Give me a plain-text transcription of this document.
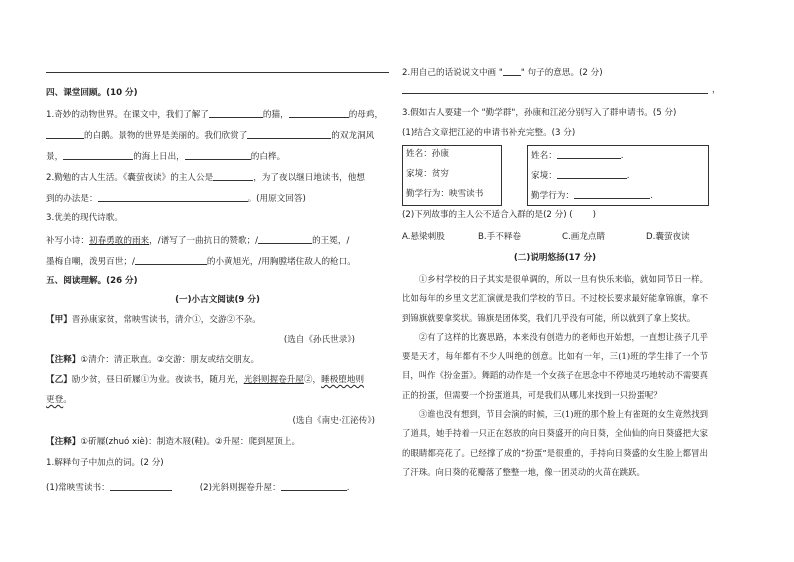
四、课堂回顾。(10 分)
1.奇妙的动物世界。在课文中，我们了解了	的猫，	的母鸡，
的白鹅。景物的世界是美丽的。我们欣赏了	的双龙洞风
景，	的海上日出，	的白桦。
2.勤勉的古人生活。《囊萤夜读》的主人公是	，为了夜以继日地读书，他想
到的办法是：	。(用原文回答)
3.优美的现代诗歌。
补写小诗：初春勇敢的雨来，/谱写了一曲抗日的赞歌；/	的王冕，/
墨梅自嘲，泼男百世；/	的小黄旭光，/用胸膛堵住敌人的枪口。
五、阅读理解。(26 分)
(一)小古文阅读(9 分)
【甲】晋孙康家贫，常映雪读书，清介①，交游②不杂。
(选自《孙氏世录》)
【注释】①清介：清正耿直。②交游：朋友或结交朋友。
【乙】励少贫，昼日斫屧①为业。夜读书，随月光，光斜则握卷升屋②，睡极堕地则
更登。
(选自《南史·江泌传》)
【注释】①斫屧(zhuó xiè)：制造木屐(鞋)。②升屋：爬到屋顶上。
1.解释句子中加点的词。(2 分)
(1)常映雪读书：	(2)光斜则握卷升屋：	.
2.用自己的话说说文中画 " " 句子的意思。(2 分)
，
3.假如古人要建一个 "勤学群"，孙康和江泌分别写入了群申请书。(5 分)
(1)结合文章把江泌的申请书补充完整。(3 分)
姓名：孙康
家境：贫穷
勤学行为：映雪读书
姓名：	.
家境：	.
勤学行为：	.
(2)下列故事的主人公不适合入群的是(2 分) ( )
A.悬梁刺股	B.手不释卷	C.画龙点睛	D.囊萤夜读
(二)说明悠扬(17 分)

①乡村学校的日子其实是很单调的，所以一旦有快乐来临，就如同节日一样。比如每年的乡里文艺汇演就是我们学校的节日。不过校长要求最好能拿锦旗，拿不到锦旗就要拿奖状。锦旗是团体奖，我们几乎没有可能，所以就到了拿上奖状。

②有了这样的比赛思路，本来没有创造力的老师也开始想，一直想让孩子几乎要是天才，每年都有不少人叫绝的创意。比如有一年，三(1)班的学生排了一个节目，叫作《扮金蛋》。舞蹈的动作是一个女孩子在思念中不停地灵巧地转动不需要真正的扮蛋，但需要一个扮蛋道具，可是我们从哪儿来找到一只扮蛋呢？

③谁也没有想到，节目会演的时候，三(1)班的那个脸上有雀斑的女生竟然找到了道具，她手持着一只正在怒放的向日葵盛开的向日葵，全仙仙的向日葵盛把大家的眼睛都亮花了。已经撑了成的“扮蛋”是很重的，手持向日葵盛的女生脸上都冒出了汗珠。向日葵的花瓣落了整整一地，像一团灵动的火苗在跳跃。
